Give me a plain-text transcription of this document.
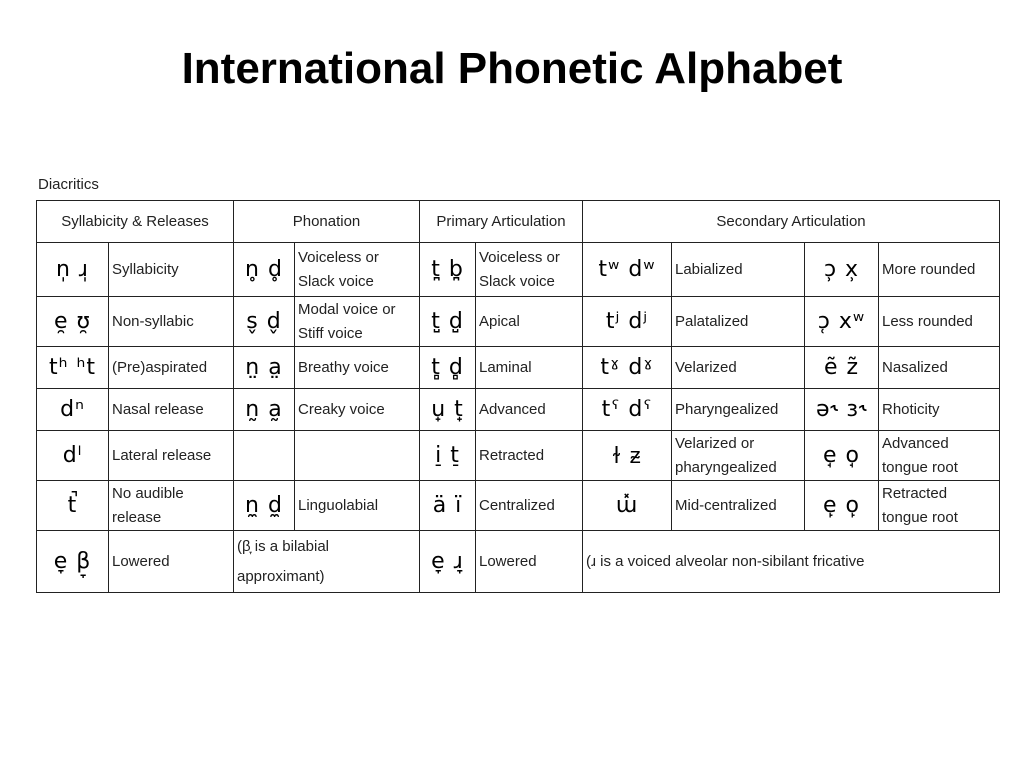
International Phonetic Alphabet
Diacritics
Syllabicity & Releases		Phonation		Primary Articulation		Secondary Articulation			
n̩ ɹ̩	Syllabicity	n̥ d̥	Voiceless or Slack voice	t̪ b̪	Voiceless or Slack voice	tʷ dʷ	Labialized	ɔ̹ x̹	More rounded
e̯ ʊ̯	Non-syllabic	s̬ d̬	Modal voice or Stiff voice	t̺ d̺	Apical	tʲ dʲ	Palatalized	ɔ̜ xʷ	Less rounded
tʰ ʰt	(Pre)aspirated	n̤ a̤	Breathy voice	t̻ d̻	Laminal	tˠ dˠ	Velarized	ẽ z̃	Nasalized
dⁿ	Nasal release	n̰ a̰	Creaky voice	u̟ t̟	Advanced	tˤ dˤ	Pharyngealized	ə˞ ɜ˞	Rhoticity
dˡ	Lateral release			i̠ t̠	Retracted	ɫ ᵶ	Velarized or pharyngealized	e̘ o̘	Advanced tongue root
t̚	No audible release	n̼ d̼	Linguolabial	ä ï	Centralized	ɯ̽	Mid-centralized	e̙ o̙	Retracted tongue root
e̞ β̞	Lowered	(β̞ is a bilabial approximant)		e̞ ɹ̞	Lowered	(ɹ is a voiced alveolar non-sibilant fricative			
